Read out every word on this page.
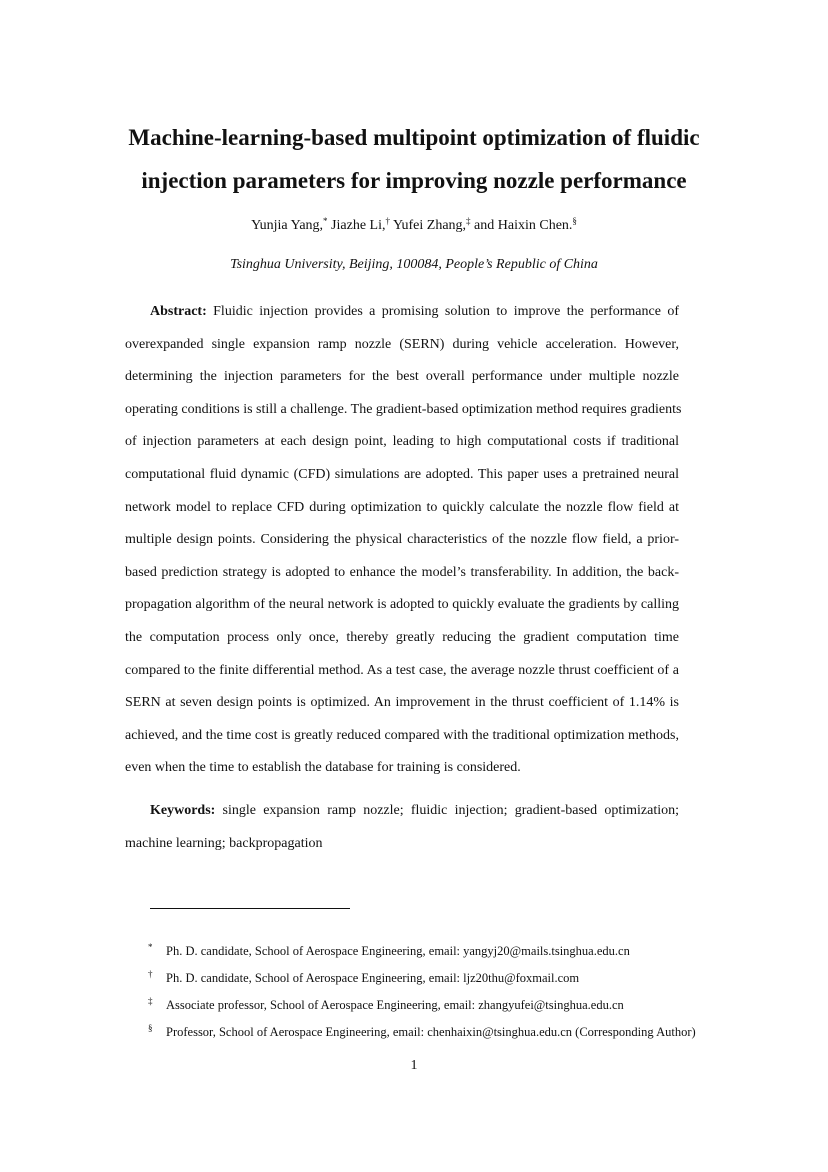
Machine-learning-based multipoint optimization of fluidic
injection parameters for improving nozzle performance
Yunjia Yang,* Jiazhe Li,† Yufei Zhang,‡ and Haixin Chen.§
Tsinghua University, Beijing, 100084, People’s Republic of China

Abstract: Fluidic injection provides a promising solution to improve the performance of
overexpanded single expansion ramp nozzle (SERN) during vehicle acceleration. However,
determining the injection parameters for the best overall performance under multiple nozzle
operating conditions is still a challenge. The gradient-based optimization method requires gradients
of injection parameters at each design point, leading to high computational costs if traditional
computational fluid dynamic (CFD) simulations are adopted. This paper uses a pretrained neural
network model to replace CFD during optimization to quickly calculate the nozzle flow field at
multiple design points. Considering the physical characteristics of the nozzle flow field, a prior-
based prediction strategy is adopted to enhance the model’s transferability. In addition, the back-
propagation algorithm of the neural network is adopted to quickly evaluate the gradients by calling
the computation process only once, thereby greatly reducing the gradient computation time
compared to the finite differential method. As a test case, the average nozzle thrust coefficient of a
SERN at seven design points is optimized. An improvement in the thrust coefficient of 1.14% is
achieved, and the time cost is greatly reduced compared with the traditional optimization methods,
even when the time to establish the database for training is considered.

Keywords: single expansion ramp nozzle; fluidic injection; gradient-based optimization;
machine learning; backpropagation

* Ph. D. candidate, School of Aerospace Engineering, email: yangyj20@mails.tsinghua.edu.cn
† Ph. D. candidate, School of Aerospace Engineering, email: ljz20thu@foxmail.com
‡ Associate professor, School of Aerospace Engineering, email: zhangyufei@tsinghua.edu.cn
§ Professor, School of Aerospace Engineering, email: chenhaixin@tsinghua.edu.cn (Corresponding Author)
1
